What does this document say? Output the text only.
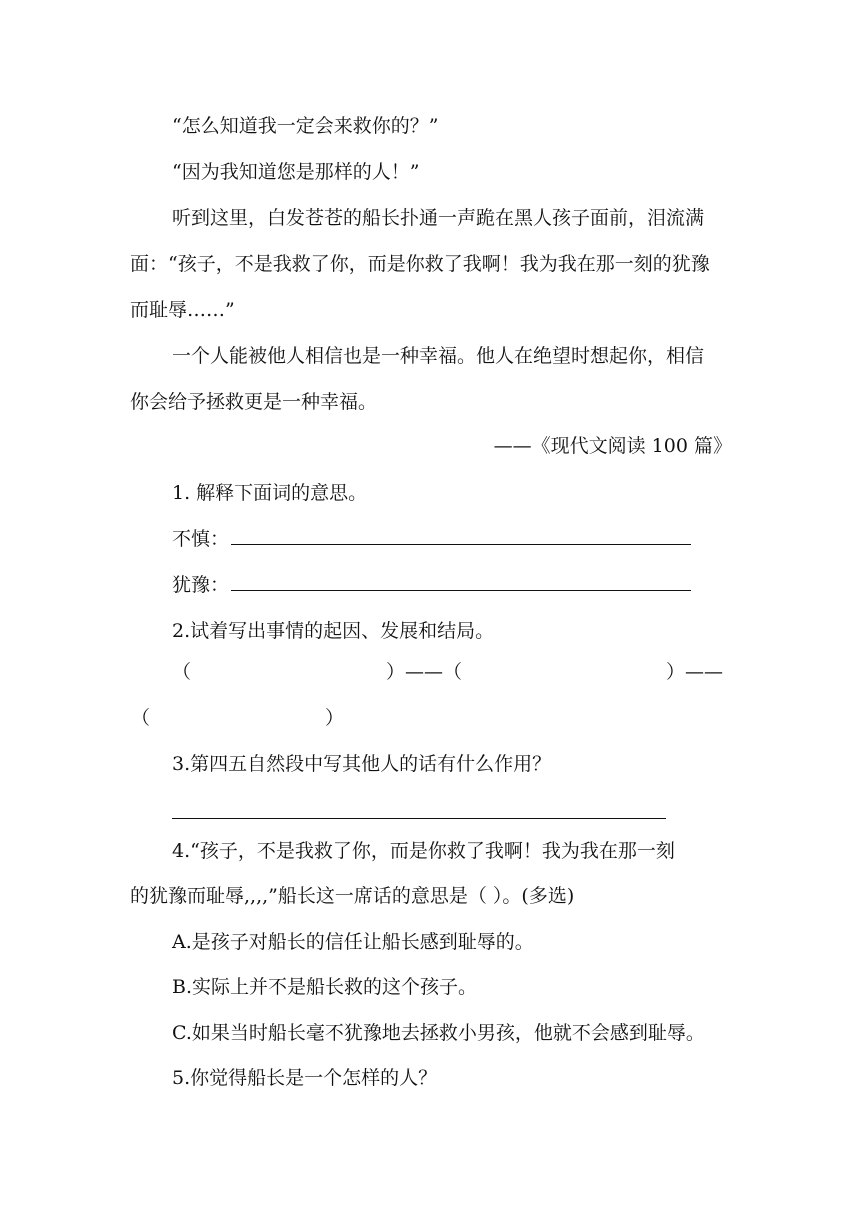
“怎么知道我一定会来救你的？”
“因为我知道您是那样的人！”
听到这里，白发苍苍的船长扑通一声跪在黑人孩子面前，泪流满
面：“孩子，不是我救了你，而是你救了我啊！我为我在那一刻的犹豫
而耻辱……”
一个人能被他人相信也是一种幸福。他人在绝望时想起你，相信
你会给予拯救更是一种幸福。
——《现代文阅读 100 篇》
1. 解释下面词的意思。
不慎：
犹豫：
2.试着写出事情的起因、发展和结局。
（	）——（	）——
（	）
3.第四五自然段中写其他人的话有什么作用？
4.“孩子，不是我救了你，而是你救了我啊！我为我在那一刻
的犹豫而耻辱,,,,”船长这一席话的意思是（ ）。(多选)
A.是孩子对船长的信任让船长感到耻辱的。
B.实际上并不是船长救的这个孩子。
C.如果当时船长毫不犹豫地去拯救小男孩，他就不会感到耻辱。
5.你觉得船长是一个怎样的人？
